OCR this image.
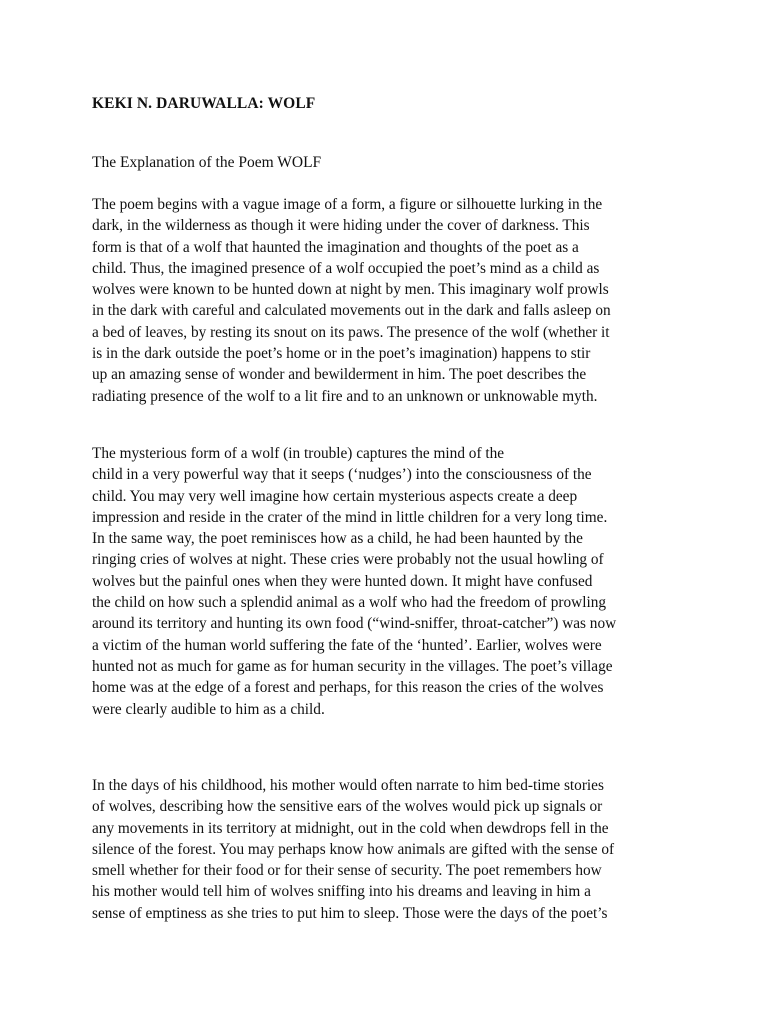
KEKI N. DARUWALLA: WOLF
The Explanation of the Poem WOLF
The poem begins with a vague image of a form, a figure or silhouette lurking in the
dark, in the wilderness as though it were hiding under the cover of darkness. This
form is that of a wolf that haunted the imagination and thoughts of the poet as a
child. Thus, the imagined presence of a wolf occupied the poet’s mind as a child as
wolves were known to be hunted down at night by men. This imaginary wolf prowls
in the dark with careful and calculated movements out in the dark and falls asleep on
a bed of leaves, by resting its snout on its paws. The presence of the wolf (whether it
is in the dark outside the poet’s home or in the poet’s imagination) happens to stir
up an amazing sense of wonder and bewilderment in him. The poet describes the
radiating presence of the wolf to a lit fire and to an unknown or unknowable myth.
The mysterious form of a wolf (in trouble) captures the mind of the
child in a very powerful way that it seeps (‘nudges’) into the consciousness of the
child. You may very well imagine how certain mysterious aspects create a deep
impression and reside in the crater of the mind in little children for a very long time.
In the same way, the poet reminisces how as a child, he had been haunted by the
ringing cries of wolves at night. These cries were probably not the usual howling of
wolves but the painful ones when they were hunted down. It might have confused
the child on how such a splendid animal as a wolf who had the freedom of prowling
around its territory and hunting its own food (“wind-sniffer, throat-catcher”) was now
a victim of the human world suffering the fate of the ‘hunted’. Earlier, wolves were
hunted not as much for game as for human security in the villages. The poet’s village
home was at the edge of a forest and perhaps, for this reason the cries of the wolves
were clearly audible to him as a child.
In the days of his childhood, his mother would often narrate to him bed-time stories
of wolves, describing how the sensitive ears of the wolves would pick up signals or
any movements in its territory at midnight, out in the cold when dewdrops fell in the
silence of the forest. You may perhaps know how animals are gifted with the sense of
smell whether for their food or for their sense of security. The poet remembers how
his mother would tell him of wolves sniffing into his dreams and leaving in him a
sense of emptiness as she tries to put him to sleep. Those were the days of the poet’s
